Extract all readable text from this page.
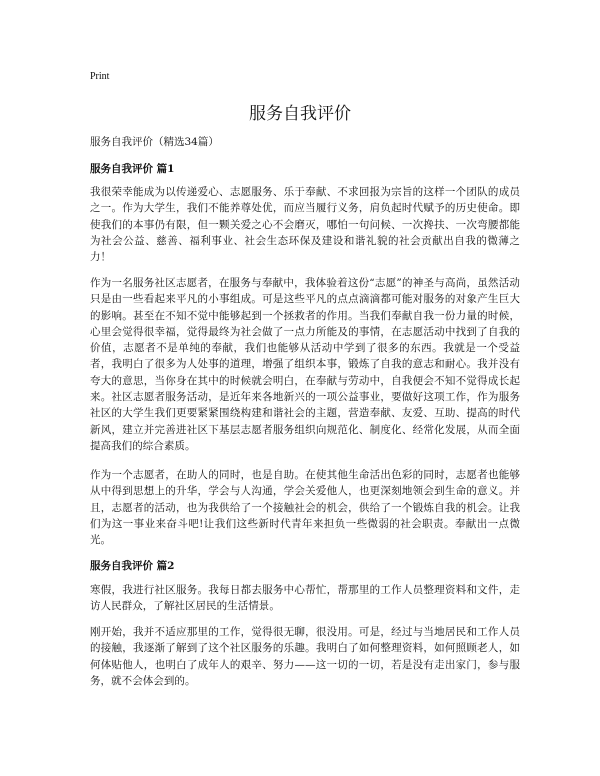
Print
服务自我评价
服务自我评价（精选34篇）
服务自我评价 篇1

我很荣幸能成为以传递爱心、志愿服务、乐于奉献、不求回报为宗旨的这样一个团队的成员之一。作为大学生，我们不能养尊处优，而应当履行义务，肩负起时代赋予的历史使命。即使我们的本事仍有限，但一颗关爱之心不会磨灭，哪怕一句问候、一次搀扶、一次弯腰都能为社会公益、慈善、福利事业、社会生态环保及建设和谐礼貌的社会贡献出自我的微薄之力！

作为一名服务社区志愿者，在服务与奉献中，我体验着这份“志愿”的神圣与高尚，虽然活动只是由一些看起来平凡的小事组成。可是这些平凡的点点滴滴都可能对服务的对象产生巨大的影响。甚至在不知不觉中能够起到一个拯救者的作用。当我们奉献自我一份力量的时候，心里会觉得很幸福，觉得最终为社会做了一点力所能及的事情，在志愿活动中找到了自我的价值，志愿者不是单纯的奉献，我们也能够从活动中学到了很多的东西。我就是一个受益者，我明白了很多为人处事的道理，增强了组织本事，锻炼了自我的意志和耐心。我并没有夸大的意思，当你身在其中的时候就会明白，在奉献与劳动中，自我便会不知不觉得成长起来。社区志愿者服务活动，是近年来各地新兴的一项公益事业，要做好这项工作，作为服务社区的大学生我们更要紧紧围绕构建和谐社会的主题，营造奉献、友爱、互助、提高的时代新风，建立并完善进社区下基层志愿者服务组织向规范化、制度化、经常化发展，从而全面提高我们的综合素质。

作为一个志愿者，在助人的同时，也是自助。在使其他生命活出色彩的同时，志愿者也能够从中得到思想上的升华，学会与人沟通，学会关爱他人，也更深刻地领会到生命的意义。并且，志愿者的活动，也为我供给了一个接触社会的机会，供给了一个锻炼自我的机会。让我们为这一事业来奋斗吧!让我们这些新时代青年来担负一些微弱的社会职责。奉献出一点微光。

服务自我评价 篇2

寒假，我进行社区服务。我每日都去服务中心帮忙，帮那里的工作人员整理资料和文件，走访人民群众，了解社区居民的生活情景。

刚开始，我并不适应那里的工作，觉得很无聊，很没用。可是，经过与当地居民和工作人员的接触，我逐渐了解到了这个社区服务的乐趣。我明白了如何整理资料，如何照顾老人，如何体贴他人，也明白了成年人的艰辛、努力——这一切的一切，若是没有走出家门，参与服务，就不会体会到的。
